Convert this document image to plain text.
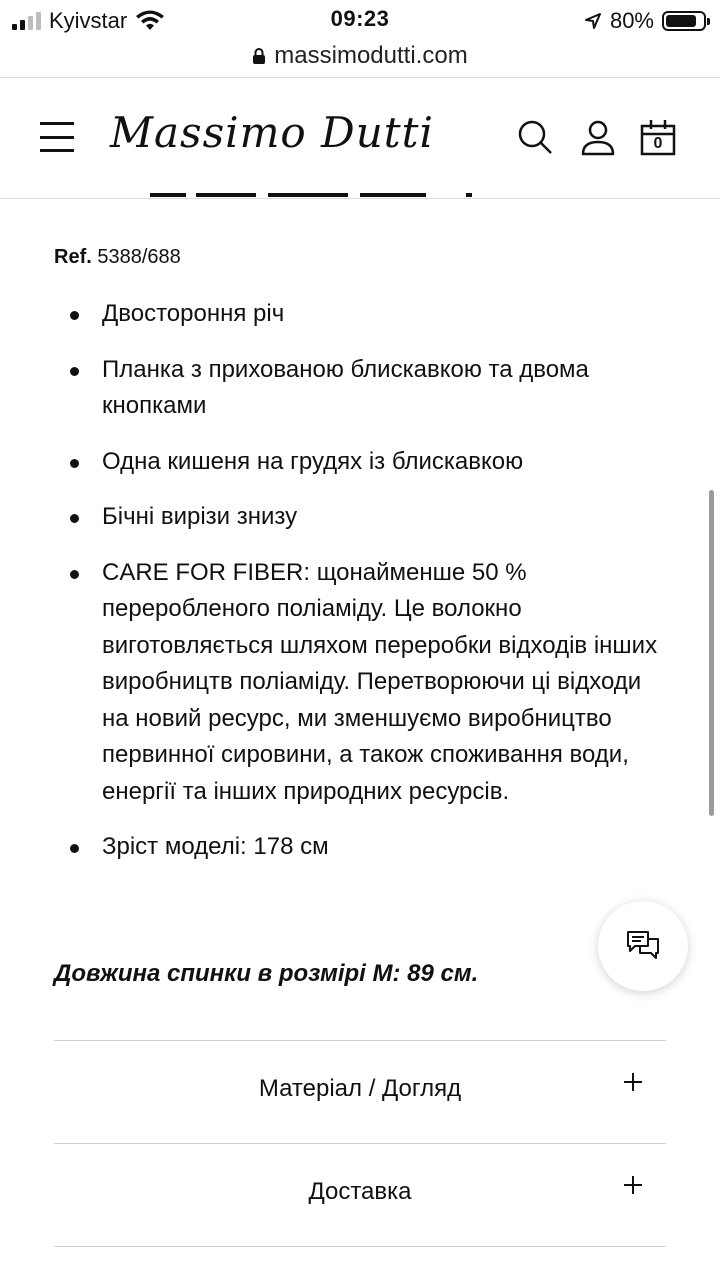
Kyivstar	09:23	80%
massimodutti.com
Massimo Dutti	0
Ref. 5388/688
Двостороння річ
Планка з прихованою блискавкою та двома кнопками
Одна кишеня на грудях із блискавкою
Бічні вирізи знизу
CARE FOR FIBER: щонайменше 50 % переробленого поліаміду. Це волокно виготовляється шляхом переробки відходів інших виробництв поліаміду. Перетворюючи ці відходи на новий ресурс, ми зменшуємо виробництво первинної сировини, а також споживання води, енергії та інших природних ресурсів.
Зріст моделі: 178 см
Довжина спинки в розмірі M: 89 см.
Матеріал / Догляд
Доставка
